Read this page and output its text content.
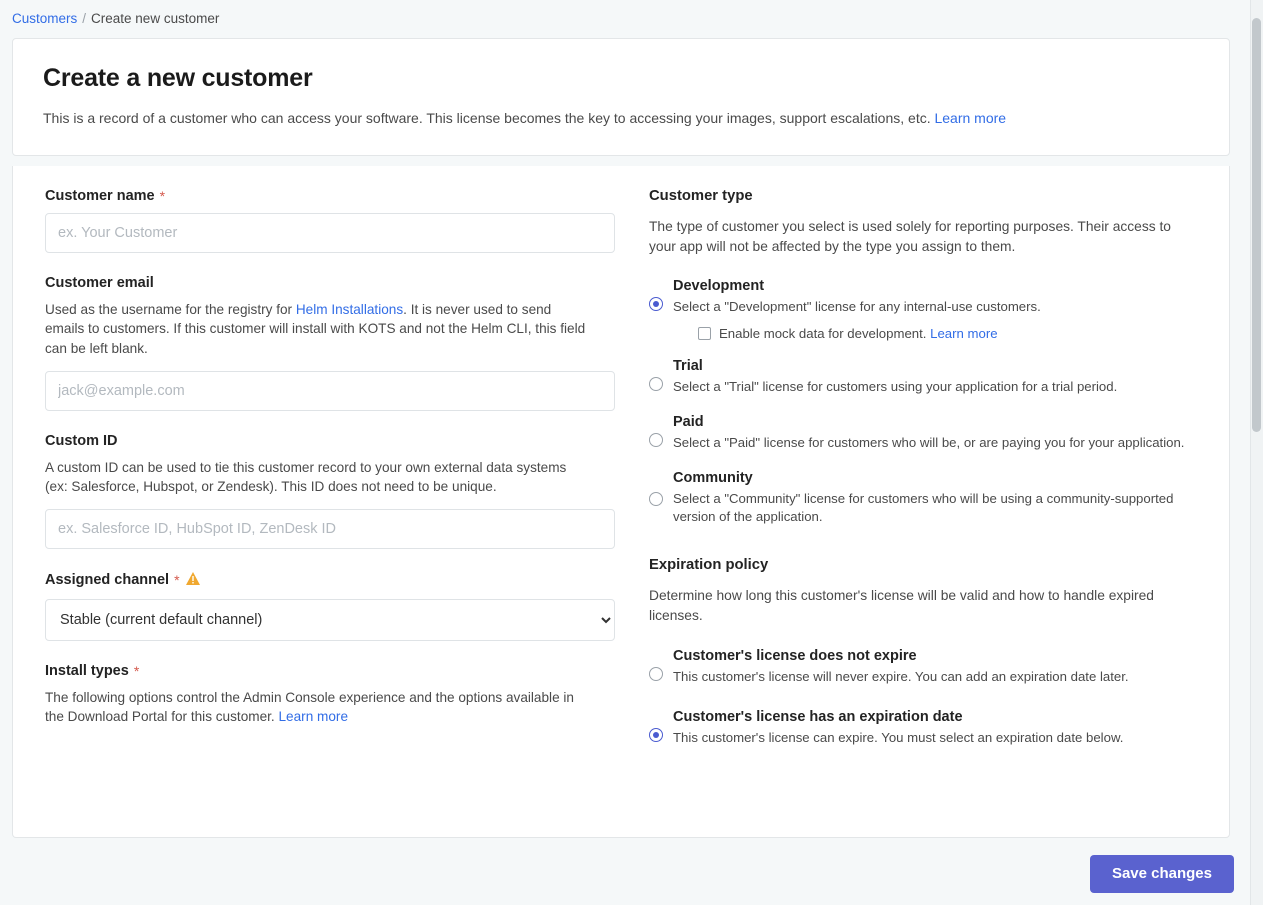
Customers / Create new customer
Create a new customer

This is a record of a customer who can access your software. This license becomes the key to accessing your images, support escalations, etc. Learn more

Customer name *
ex. Your Customer
Customer email

Used as the username for the registry for Helm Installations. It is never used to send emails to customers. If this customer will install with KOTS and not the Helm CLI, this field can be left blank.

jack@example.com
Custom ID

A custom ID can be used to tie this customer record to your own external data systems (ex: Salesforce, Hubspot, or Zendesk). This ID does not need to be unique.

ex. Salesforce ID, HubSpot ID, ZenDesk ID
Assigned channel *
Stable (current default channel)
Install types *

The following options control the Admin Console experience and the options available in the Download Portal for this customer. Learn more

Customer type

The type of customer you select is used solely for reporting purposes. Their access to your app will not be affected by the type you assign to them.

Development

Select a "Development" license for any internal-use customers.

Enable mock data for development. Learn more
Trial

Select a "Trial" license for customers using your application for a trial period.

Paid

Select a "Paid" license for customers who will be, or are paying you for your application.

Community

Select a "Community" license for customers who will be using a community-supported version of the application.

Expiration policy

Determine how long this customer's license will be valid and how to handle expired licenses.

Customer's license does not expire

This customer's license will never expire. You can add an expiration date later.

Customer's license has an expiration date

This customer's license can expire. You must select an expiration date below.

Save changes
